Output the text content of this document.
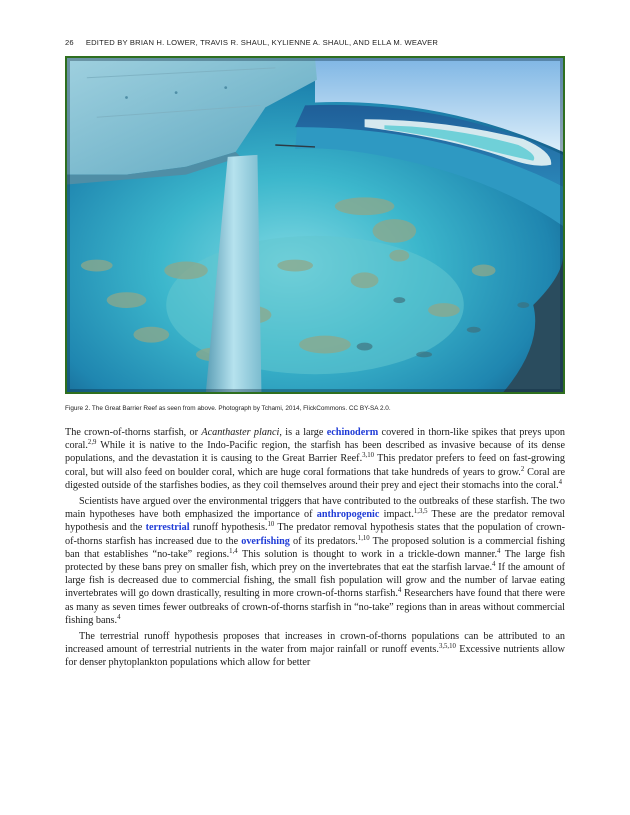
26 EDITED BY BRIAN H. LOWER, TRAVIS R. SHAUL, KYLIENNE A. SHAUL, AND ELLA M. WEAVER
Figure 2. The Great Barrier Reef as seen from above. Photograph by Tchami, 2014, FlickCommons. CC BY-SA 2.0.

The crown-of-thorns starfish, or Acanthaster planci, is a large echinoderm covered in thorn-like spikes that preys upon coral.$^{2,9}$ While it is native to the Indo-Pacific region, the starfish has been described as invasive because of its dense populations, and the devastation it is causing to the Great Barrier Reef.$^{3,10}$ This predator prefers to feed on fast-growing coral, but will also feed on boulder coral, which are huge coral formations that take hundreds of years to grow.$^2$ Coral are digested outside of the starfishes bodies, as they coil themselves around their prey and eject their stomachs into the coral.$^4$

Scientists have argued over the environmental triggers that have contributed to the outbreaks of these starfish. The two main hypotheses have both emphasized the importance of anthropogenic impact.$^{1,3,5}$ These are the predator removal hypothesis and the terrestrial runoff hypothesis.$^{10}$ The predator removal hypothesis states that the population of crown-of-thorns starfish has increased due to the overfishing of its predators.$^{1,10}$ The proposed solution is a commercial fishing ban that establishes “no-take” regions.$^{1,4}$ This solution is thought to work in a trickle-down manner.$^4$ The large fish protected by these bans prey on smaller fish, which prey on the invertebrates that eat the starfish larvae.$^4$ If the amount of large fish is decreased due to commercial fishing, the small fish population will grow and the number of larvae eating invertebrates will go down drastically, resulting in more crown-of-thorns starfish.$^4$ Researchers have found that there were as many as seven times fewer outbreaks of crown-of-thorns starfish in “no-take” regions than in areas without commercial fishing bans.$^4$

The terrestrial runoff hypothesis proposes that increases in crown-of-thorns populations can be attributed to an increased amount of terrestrial nutrients in the water from major rainfall or runoff events.$^{3,5,10}$ Excessive nutrients allow for denser phytoplankton populations which allow for better
